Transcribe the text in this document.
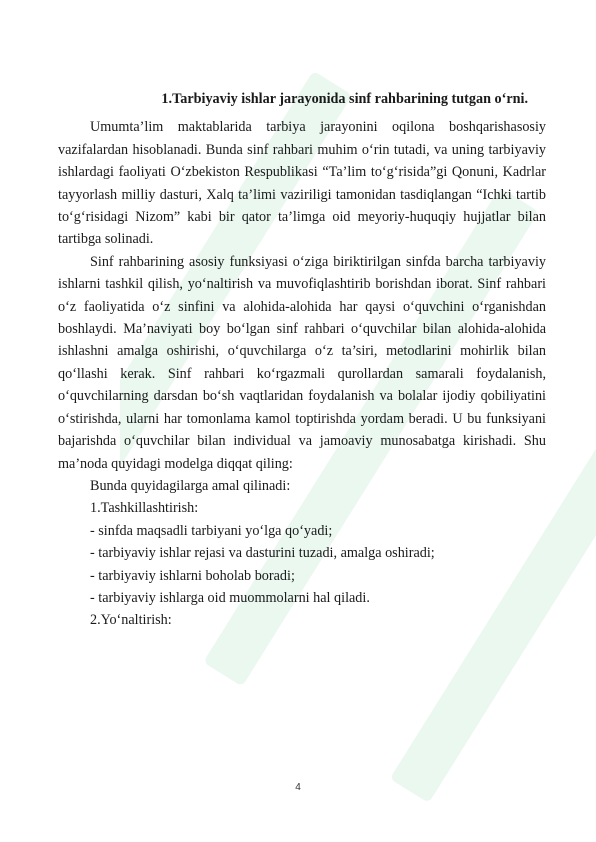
1.Tarbiyaviy ishlar jarayonida sinf rahbarining tutgan o‘rni.

Umumta’lim maktablarida tarbiya jarayonini oqilona boshqarishasosiy vazifalardan hisoblanadi. Bunda sinf rahbari muhim o‘rin tutadi, va uning tarbiyaviy ishlardagi faoliyati O‘zbekiston Respublikasi “Ta’lim to‘g‘risida”gi Qonuni, Kadrlar tayyorlash milliy dasturi, Xalq ta’limi vaziriligi tamonidan tasdiqlangan “Ichki tartib to‘g‘risidagi Nizom” kabi bir qator ta’limga oid meyoriy-huquqiy hujjatlar bilan tartibga solinadi.

Sinf rahbarining asosiy funksiyasi o‘ziga biriktirilgan sinfda barcha tarbiyaviy ishlarni tashkil qilish, yo‘naltirish va muvofiqlashtirib borishdan iborat. Sinf rahbari o‘z faoliyatida o‘z sinfini va alohida-alohida har qaysi o‘quvchini o‘rganishdan boshlaydi. Ma’naviyati boy bo‘lgan sinf rahbari o‘quvchilar bilan alohida-alohida ishlashni amalga oshirishi, o‘quvchilarga o‘z ta’siri, metodlarini mohirlik bilan qo‘llashi kerak. Sinf rahbari ko‘rgazmali qurollardan samarali foydalanish, o‘quvchilarning darsdan bo‘sh vaqtlaridan foydalanish va bolalar ijodiy qobiliyatini o‘stirishda, ularni har tomonlama kamol toptirishda yordam beradi. U bu funksiyani bajarishda o‘quvchilar bilan individual va jamoaviy munosabatga kirishadi. Shu ma’noda quyidagi modelga diqqat qiling:

Bunda quyidagilarga amal qilinadi:

1.Tashkillashtirish:

- sinfda maqsadli tarbiyani yo‘lga qo‘yadi;

- tarbiyaviy ishlar rejasi va dasturini tuzadi, amalga oshiradi;

- tarbiyaviy ishlarni boholab boradi;

- tarbiyaviy ishlarga oid muommolarni hal qiladi.

2.Yo‘naltirish:

4
